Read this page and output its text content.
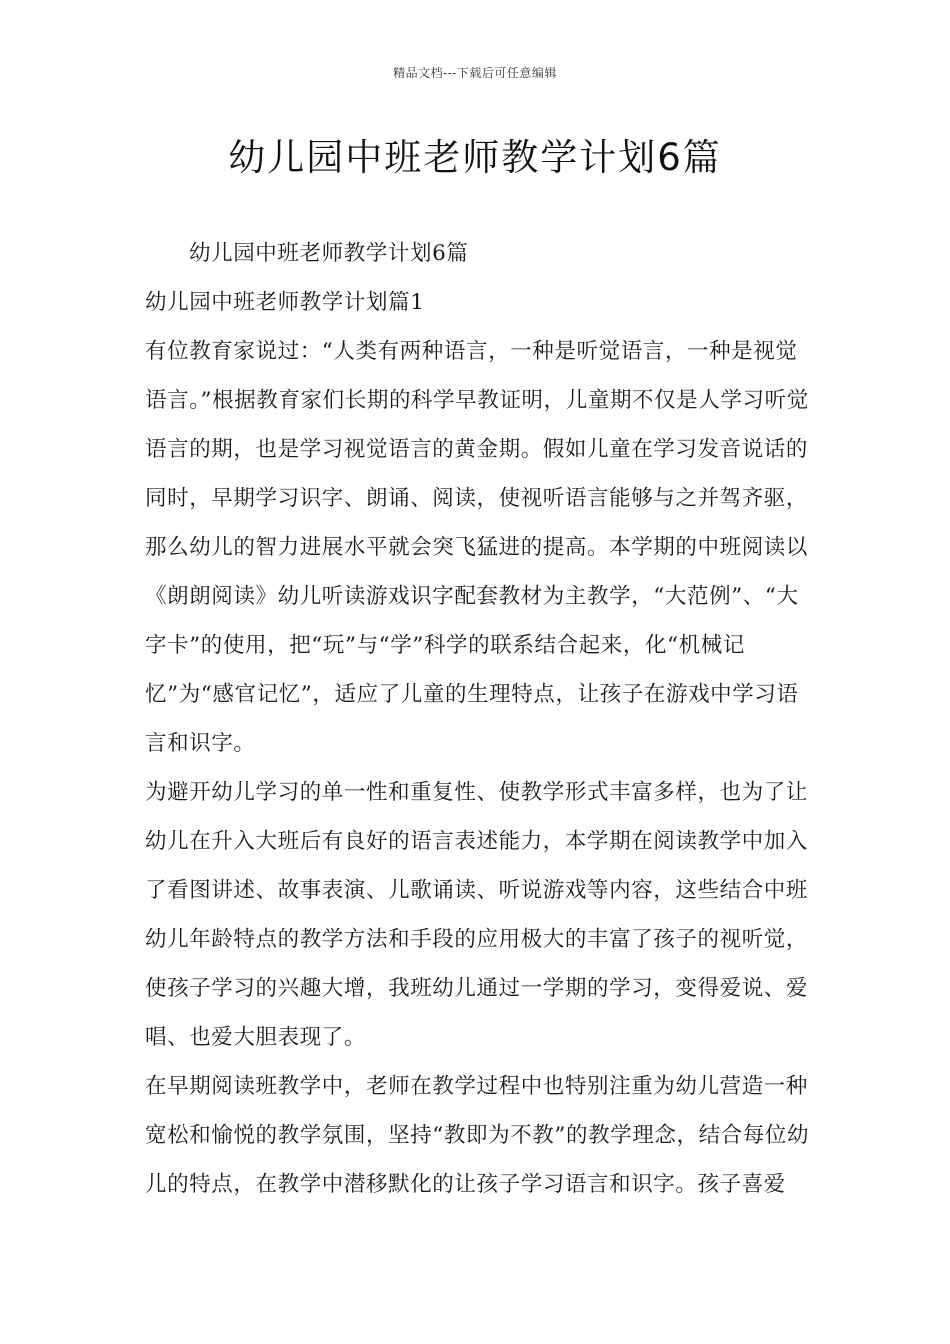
精品文档---下载后可任意编辑
幼儿园中班老师教学计划6篇

幼儿园中班老师教学计划6篇

幼儿园中班老师教学计划篇1

有位教育家说过：“人类有两种语言，一种是听觉语言，一种是视觉语言。”根据教育家们长期的科学早教证明，儿童期不仅是人学习听觉语言的期，也是学习视觉语言的黄金期。假如儿童在学习发音说话的同时，早期学习识字、朗诵、阅读，使视听语言能够与之并驾齐驱，那么幼儿的智力进展水平就会突飞猛进的提高。本学期的中班阅读以《朗朗阅读》幼儿听读游戏识字配套教材为主教学，“大范例”、“大字卡”的使用，把“玩”与“学”科学的联系结合起来，化“机械记忆”为“感官记忆”，适应了儿童的生理特点，让孩子在游戏中学习语言和识字。

为避开幼儿学习的单一性和重复性、使教学形式丰富多样，也为了让幼儿在升入大班后有良好的语言表述能力，本学期在阅读教学中加入了看图讲述、故事表演、儿歌诵读、听说游戏等内容，这些结合中班幼儿年龄特点的教学方法和手段的应用极大的丰富了孩子的视听觉，使孩子学习的兴趣大增，我班幼儿通过一学期的学习，变得爱说、爱唱、也爱大胆表现了。

在早期阅读班教学中，老师在教学过程中也特别注重为幼儿营造一种宽松和愉悦的教学氛围，坚持“教即为不教”的教学理念，结合每位幼儿的特点，在教学中潜移默化的让孩子学习语言和识字。孩子喜爱
